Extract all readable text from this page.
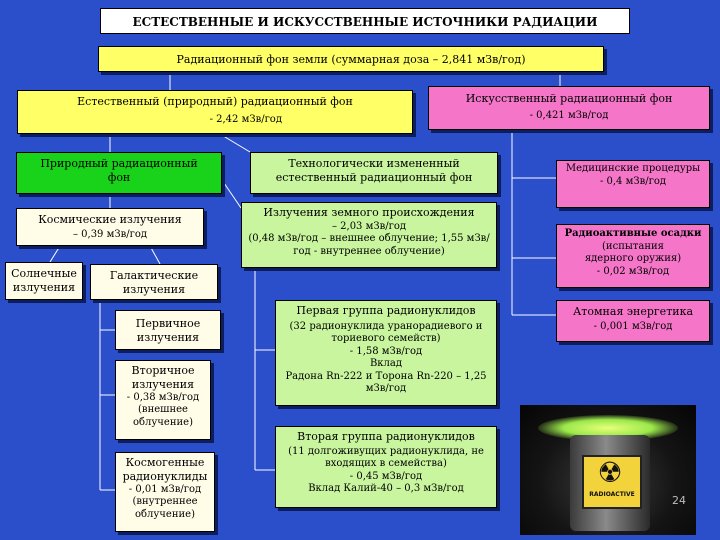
ЕСТЕСТВЕННЫЕ И ИСКУССТВЕННЫЕ ИСТОЧНИКИ РАДИАЦИИ
Радиационный фон земли (суммарная доза – 2,841 мЗв/год)
Естественный (природный) радиационный фон
- 2,42 мЗв/год
Искусственный радиационный фон
- 0,421 мЗв/год
Природный радиационный фон
Технологически измененный естественный радиационный фон
Космические излучения
– 0,39 мЗв/год
Солнечные излучения
Галактические излучения
Первичное излучения
Вторичное излучения
- 0,38 мЗв/год
(внешнее облучение)
Космогенные радионуклиды
- 0,01 мЗв/год
(внутреннее облучение)
Излучения земного происхождения
– 2,03 мЗв/год
(0,48 мЗв/год – внешнее облучение; 1,55 мЗв/год - внутреннее облучение)
Первая группа радионуклидов
(32 радионуклида уранорадиевого и ториевого семейств)
- 1,58 мЗв/год
Вклад
Радона Rn-222 и Торона Rn-220 – 1,25 мЗв/год
Вторая группа радионуклидов
(11 долгоживущих радионуклида, не входящих в семейства)
- 0,45 мЗв/год
Вклад Калий-40 – 0,3 мЗв/год
Медицинские процедуры
- 0,4 мЗв/год
Радиоактивные осадки
(испытания ядерного оружия)
- 0,02 мЗв/год
Атомная энергетика
- 0,001 мЗв/год
☢
RADIOACTIVE	24
